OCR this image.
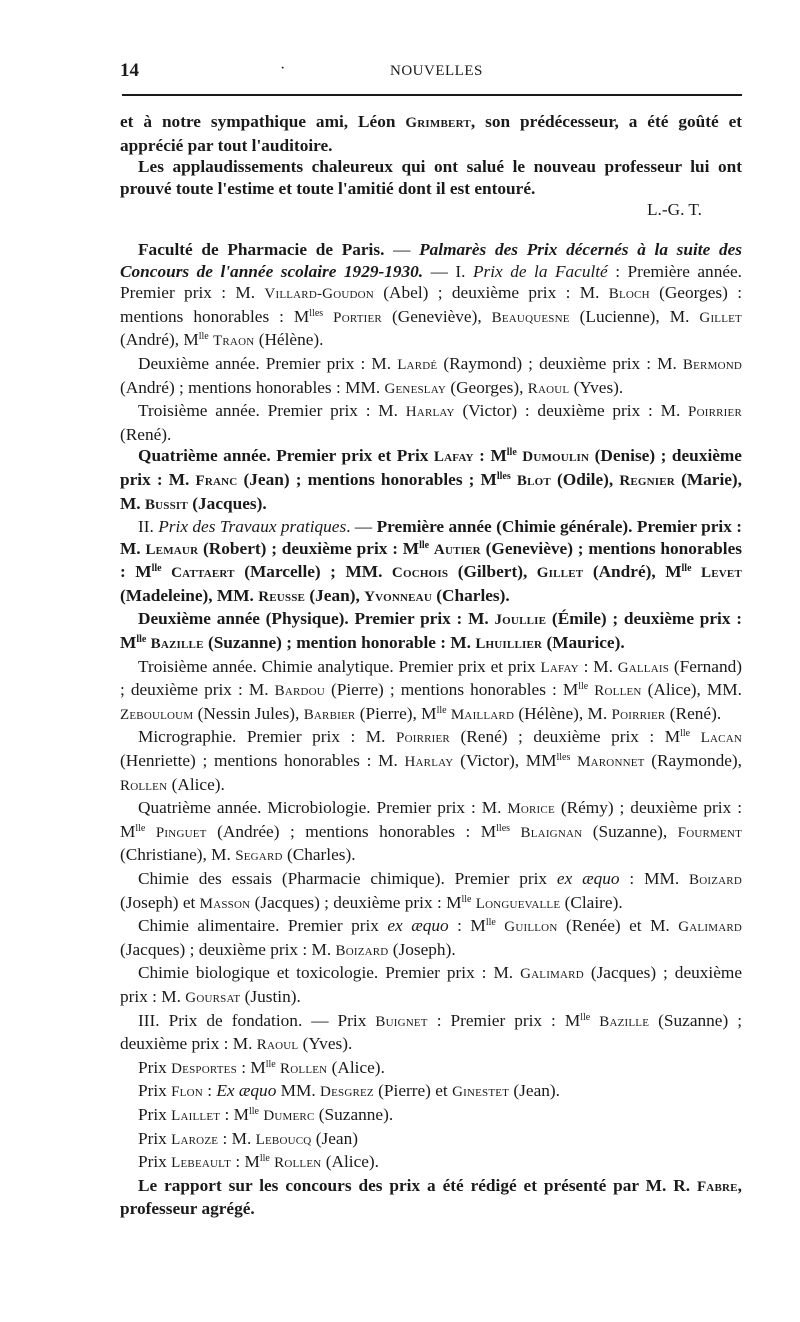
14	·	NOUVELLES

et à notre sympathique ami, Léon Grimbert, son prédécesseur, a été goûté et apprécié par tout l'auditoire.

Les applaudissements chaleureux qui ont salué le nouveau professeur lui ont prouvé toute l'estime et toute l'amitié dont il est entouré.

L.-G. T.

Faculté de Pharmacie de Paris. — Palmarès des Prix décernés à la suite des Concours de l'année scolaire 1929-1930. — I. Prix de la Faculté : Première année. Premier prix : M. Villard-Goudon (Abel) ; deuxième prix : M. Bloch (Georges) : mentions honorables : $M^{lles}$ Portier (Geneviève), Beauquesne (Lucienne), M. Gillet (André), $M^{lle}$ Traon (Hélène).

Deuxième année. Premier prix : M. Lardé (Raymond) ; deuxième prix : M. Bermond (André) ; mentions honorables : MM. Geneslay (Georges), Raoul (Yves).

Troisième année. Premier prix : M. Harlay (Victor) : deuxième prix : M. Poirrier (René).

Quatrième année. Premier prix et Prix Lafay : $M^{lle}$ Dumoulin (Denise) ; deuxième prix : M. Franc (Jean) ; mentions honorables ; $M^{lles}$ Blot (Odile), Regnier (Marie), M. Bussit (Jacques).

II. Prix des Travaux pratiques. — Première année (Chimie générale). Premier prix : M. Lemaur (Robert) ; deuxième prix : $M^{lle}$ Autier (Geneviève) ; mentions honorables : $M^{lle}$ Cattaert (Marcelle) ; MM. Cochois (Gilbert), Gillet (André), $M^{lle}$ Levet (Madeleine), MM. Reusse (Jean), Yvonneau (Charles).

Deuxième année (Physique). Premier prix : M. Joullie (Émile) ; deuxième prix : $M^{lle}$ Bazille (Suzanne) ; mention honorable : M. Lhuillier (Maurice).

Troisième année. Chimie analytique. Premier prix et prix Lafay : M. Gallais (Fernand) ; deuxième prix : M. Bardou (Pierre) ; mentions honorables : $M^{lle}$ Rollen (Alice), MM. Zeboulouм (Nessin Jules), Barbier (Pierre), $M^{lle}$ Maillard (Hélène), M. Poirrier (René).

Micrographie. Premier prix : M. Poirrier (René) ; deuxième prix : $M^{lle}$ Lacan (Henriette) ; mentions honorables : M. Harlay (Victor), $MM^{lles}$ Maronnet (Raymonde), Rollen (Alice).

Quatrième année. Microbiologie. Premier prix : M. Morice (Rémy) ; deuxième prix : $M^{lle}$ Pinguet (Andrée) ; mentions honorables : $M^{lles}$ Blaignan (Suzanne), Fourment (Christiane), M. Segard (Charles).

Chimie des essais (Pharmacie chimique). Premier prix ex æquo : MM. Boizard (Joseph) et Masson (Jacques) ; deuxième prix : $M^{lle}$ Longuevalle (Claire).

Chimie alimentaire. Premier prix ex æquo : $M^{lle}$ Guillon (Renée) et M. Galimard (Jacques) ; deuxième prix : M. Boizard (Joseph).

Chimie biologique et toxicologie. Premier prix : M. Galimard (Jacques) ; deuxième prix : M. Goursat (Justin).

III. Prix de fondation. — Prix Buignet : Premier prix : $M^{lle}$ Bazille (Suzanne) ; deuxième prix : M. Raoul (Yves).

Prix Desportes : $M^{lle}$ Rollen (Alice).

Prix Flon : Ex æquo MM. Desgrez (Pierre) et Ginestet (Jean).

Prix Laillet : $M^{lle}$ Dumerc (Suzanne).

Prix Laroze : M. Leboucq (Jean)

Prix Lebeault : $M^{lle}$ Rollen (Alice).

Le rapport sur les concours des prix a été rédigé et présenté par M. R. Fabre, professeur agrégé.
